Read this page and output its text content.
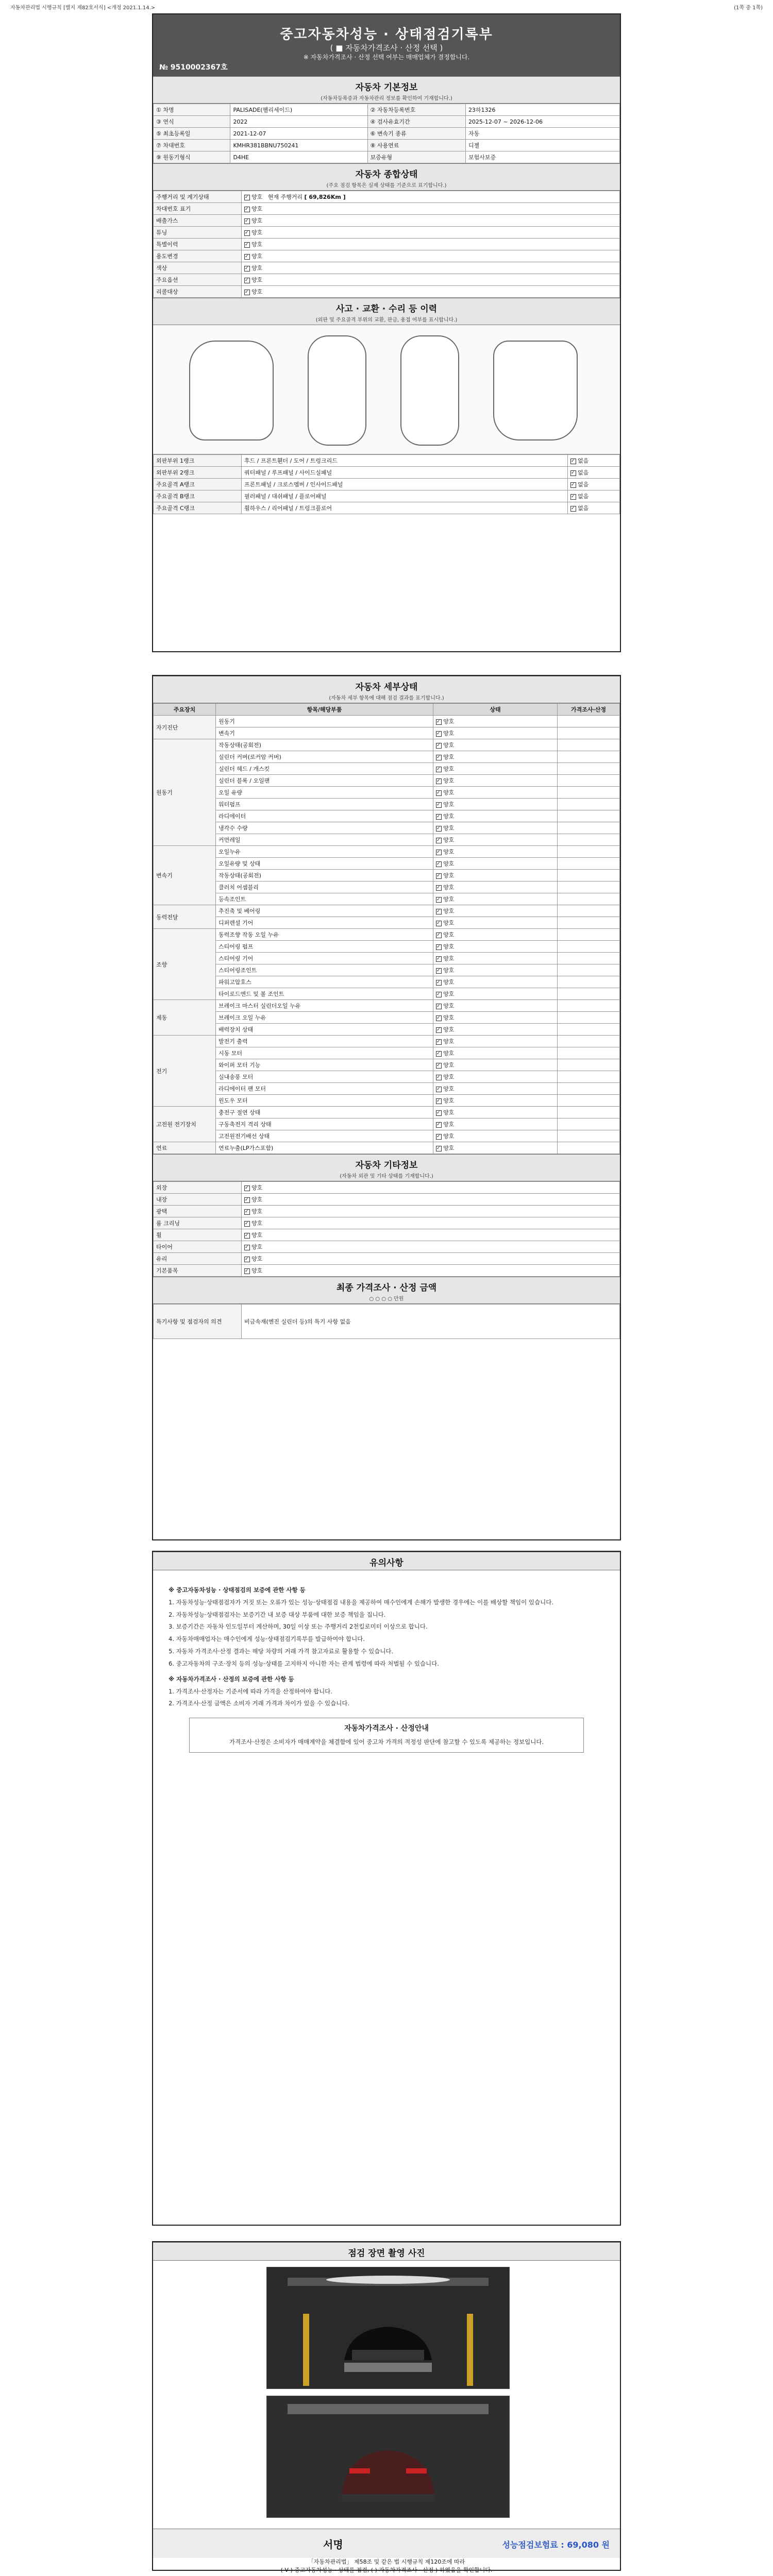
자동차관리법 시행규칙 [별지 제82호서식] <개정 2021.1.14.>	(1쪽 중 1쪽)
중고자동차성능 · 상태점검기록부
( ■ 자동차가격조사 · 산정 선택 )
※ 자동차가격조사 · 산정 선택 여부는 매매업체가 결정합니다.
№ 9510002367호
자동차 기본정보
(자동차등록증과 자동차관리 정보를 확인하여 기재합니다.)
① 차명	PALISADE(팰리세이드)	② 자동차등록번호	23하1326
③ 연식	2022	④ 검사유효기간	2025-12-07 ~ 2026-12-06
⑤ 최초등록일	2021-12-07	⑥ 변속기 종류	자동
⑦ 차대번호	KMHR381BBNU750241	⑧ 사용연료	디젤
⑨ 원동기형식	D4HE	보증유형	보험사보증
자동차 종합상태
(주요 점검 항목은 실제 상태를 기준으로 표기합니다.)
주행거리 및 계기상태	✓양호 현재 주행거리 [ 69,826Km ]
차대번호 표기	✓양호
배출가스	✓양호
튜닝	✓양호
특별이력	✓양호
용도변경	✓양호
색상	✓양호
주요옵션	✓양호
리콜대상	✓양호
사고 · 교환 · 수리 등 이력
(외판 및 주요골격 부위의 교환, 판금, 용접 여부를 표시합니다.)
외판부위 1랭크	후드 / 프론트휀더 / 도어 / 트렁크리드	✓없음
외판부위 2랭크	쿼터패널 / 루프패널 / 사이드실패널	✓없음
주요골격 A랭크	프론트패널 / 크로스멤버 / 인사이드패널	✓없음
주요골격 B랭크	필러패널 / 대쉬패널 / 플로어패널	✓없음
주요골격 C랭크	휠하우스 / 리어패널 / 트렁크플로어	✓없음
자동차 세부상태
(자동차 세부 항목에 대해 점검 결과를 표기합니다.)
주요장치	항목/해당부품	상태	가격조사·산정
자기진단	원동기	✓양호	
	변속기	✓양호	
원동기	작동상태(공회전)	✓양호	
	실린더 커버(로커암 커버)	✓양호	
	실린더 헤드 / 개스킷	✓양호	
	실린더 블록 / 오일팬	✓양호	
	오일 유량	✓양호	
	워터펌프	✓양호	
	라디에이터	✓양호	
	냉각수 수량	✓양호	
	커먼레일	✓양호	
변속기	오일누유	✓양호	
	오일유량 및 상태	✓양호	
	작동상태(공회전)	✓양호	
	클러치 어셈블리	✓양호	
	등속조인트	✓양호	
동력전달	추진축 및 베어링	✓양호	
	디퍼렌셜 기어	✓양호	
조향	동력조향 작동 오일 누유	✓양호	
	스티어링 펌프	✓양호	
	스티어링 기어	✓양호	
	스티어링조인트	✓양호	
	파워고압호스	✓양호	
	타이로드엔드 및 볼 조인트	✓양호	
제동	브레이크 마스터 실린더오일 누유	✓양호	
	브레이크 오일 누유	✓양호	
	배력장치 상태	✓양호	
전기	발전기 출력	✓양호	
	시동 모터	✓양호	
	와이퍼 모터 기능	✓양호	
	실내송풍 모터	✓양호	
	라디에이터 팬 모터	✓양호	
	윈도우 모터	✓양호	
고전원 전기장치	충전구 절연 상태	✓양호	
	구동축전지 격리 상태	✓양호	
	고전원전기배선 상태	✓양호	
연료	연료누출(LP가스포함)	✓양호	
자동차 기타정보
(자동차 외관 및 기타 상태를 기재합니다.)
외장	✓양호
내장	✓양호
광택	✓양호
룸 크리닝	✓양호
휠	✓양호
타이어	✓양호
유리	✓양호
기본품목	✓양호
최종 가격조사 · 산정 금액
○ ○ ○ ○ 만원
특기사항 및 점검자의 의견	비금속재(엔진 실린더 등)의 특기 사항 없음
유의사항
※ 중고자동차성능 · 상태점검의 보증에 관한 사항 등

1. 자동차성능·상태점검자가 거짓 또는 오류가 있는 성능·상태점검 내용을 제공하여 매수인에게 손해가 발생한 경우에는 이를 배상할 책임이 있습니다.

2. 자동차성능·상태점검자는 보증기간 내 보증 대상 부품에 대한 보증 책임을 집니다.

3. 보증기간은 자동차 인도일부터 계산하며, 30일 이상 또는 주행거리 2천킬로미터 이상으로 합니다.

4. 자동차매매업자는 매수인에게 성능·상태점검기록부를 발급하여야 합니다.

5. 자동차 가격조사·산정 결과는 해당 차량의 거래 가격 참고자료로 활용할 수 있습니다.

6. 중고자동차의 구조·장치 등의 성능·상태를 고지하지 아니한 자는 관계 법령에 따라 처벌될 수 있습니다.

※ 자동차가격조사 · 산정의 보증에 관한 사항 등

1. 가격조사·산정자는 기준서에 따라 가격을 산정하여야 합니다.

2. 가격조사·산정 금액은 소비자 거래 가격과 차이가 있을 수 있습니다.

자동차가격조사 · 산정안내
가격조사·산정은 소비자가 매매계약을 체결함에 있어 중고차 가격의 적정성 판단에 참고할 수 있도록 제공하는 정보입니다.
점검 장면 촬영 사진
서명	성능점검보험료 : 69,080 원
「자동차관리법」 제58조 및 같은 법 시행규칙 제120조에 따라
( V ) 중고자동차성능 · 상태를 점검, ( ) 자동차가격조사 · 산정 ) 하였음을 확인합니다.
